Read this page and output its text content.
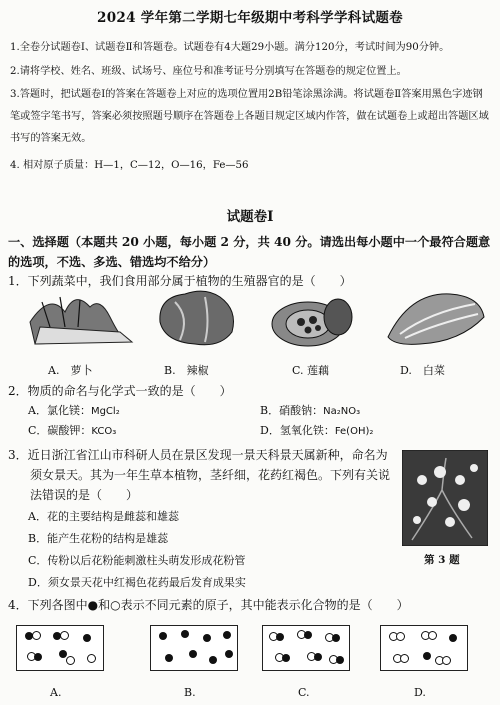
2024 学年第二学期七年级期中考科学学科试题卷
1.全卷分试题卷Ⅰ、试题卷Ⅱ和答题卷。试题卷有4大题29小题。满分120分，考试时间为90分钟。
2.请将学校、姓名、班级、试场号、座位号和准考证号分别填写在答题卷的规定位置上。
3.答题时，把试题卷Ⅰ的答案在答题卷上对应的选项位置用2B铅笔涂黑涂满。将试题卷Ⅱ答案用黑色字迹钢笔或签字笔书写，答案必须按照题号顺序在答题卷上各题目规定区域内作答，做在试题卷上或超出答题区域书写的答案无效。
4. 相对原子质量：H—1，C—12，O—16，Fe—56
试题卷Ⅰ
一、选择题（本题共 20 小题，每小题 2 分，共 40 分。请选出每小题中一个最符合题意的选项，不选、多选、错选均不给分）
1．下列蔬菜中，我们食用部分属于植物的生殖器官的是（　　）
A.　萝卜	B.　辣椒	C. 莲藕	D.　白菜
2．物质的命名与化学式一致的是（　　）
A．氯化镁：MgCl₂	B．硝酸钠：Na₂NO₃
C．碳酸钾：KCO₃	D．氢氧化铁：Fe(OH)₂
3．近日浙江省江山市科研人员在景区发现一景天科景天属新种，命名为
须女景天。其为一年生草本植物，茎纤细，花药红褐色。下列有关说
法错误的是（　　）
A．花的主要结构是雌蕊和雄蕊
B．能产生花粉的结构是雄蕊
C．传粉以后花粉能刺激柱头萌发形成花粉管
D．须女景天花中红褐色花药最后发育成果实
第 3 题
4．下列各图中●和○表示不同元素的原子，其中能表示化合物的是（　　）
A.	B.	C.	D.
